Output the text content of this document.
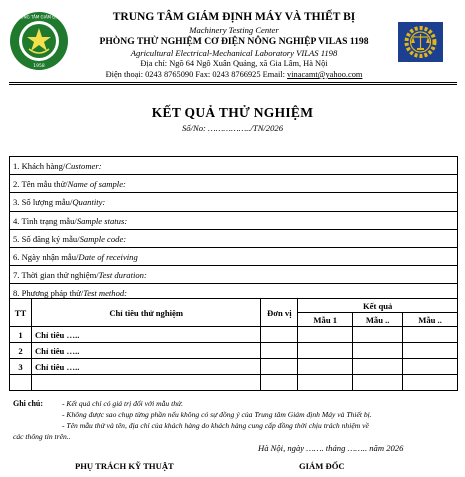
TRUNG TÂM GIÁM ĐỊNH
1958
TRUNG TÂM GIÁM ĐỊNH MÁY VÀ THIẾT BỊ
Machinery Testing Center
PHÒNG THỬ NGHIỆM CƠ ĐIỆN NÔNG NGHIỆP VILAS 1198
Agricultural Electrical-Mechanical Laboratory VILAS 1198
Địa chỉ: Ngõ 64 Ngô Xuân Quảng, xã Gia Lâm, Hà Nội
Điện thoại: 0243 8765090 Fax: 0243 8766925 Email: vinacamt@yahoo.com
KẾT QUẢ THỬ NGHIỆM
Số/No: ……………../TN/2026
1. Khách hàng/Customer:
2. Tên mẫu thử/Name of sample:
3. Số lượng mẫu/Quantity:
4. Tình trạng mẫu/Sample status:
5. Số đăng ký mẫu/Sample code:
6. Ngày nhận mẫu/Date of receiving
7. Thời gian thử nghiệm/Test duration:
8. Phương pháp thử/Test method:
TT	Chỉ tiêu thử nghiệm	Đơn vị	Kết quả		
			Mẫu 1	Mẫu ..	Mẫu ..
1	Chỉ tiêu …..				
2	Chỉ tiêu …..				
3	Chỉ tiêu …..				

Ghi chú: - Kết quả chỉ có giá trị đối với mẫu thử.
- Không được sao chụp từng phần nếu không có sự đồng ý của Trung tâm Giám định Máy và Thiết bị.
- Tên mẫu thử và tên, địa chỉ của khách hàng do khách hàng cung cấp đồng thời chịu trách nhiệm về
các thông tin trên..
Hà Nội, ngày ……. tháng …….. năm 2026
PHỤ TRÁCH KỸ THUẬT	GIÁM ĐỐC
